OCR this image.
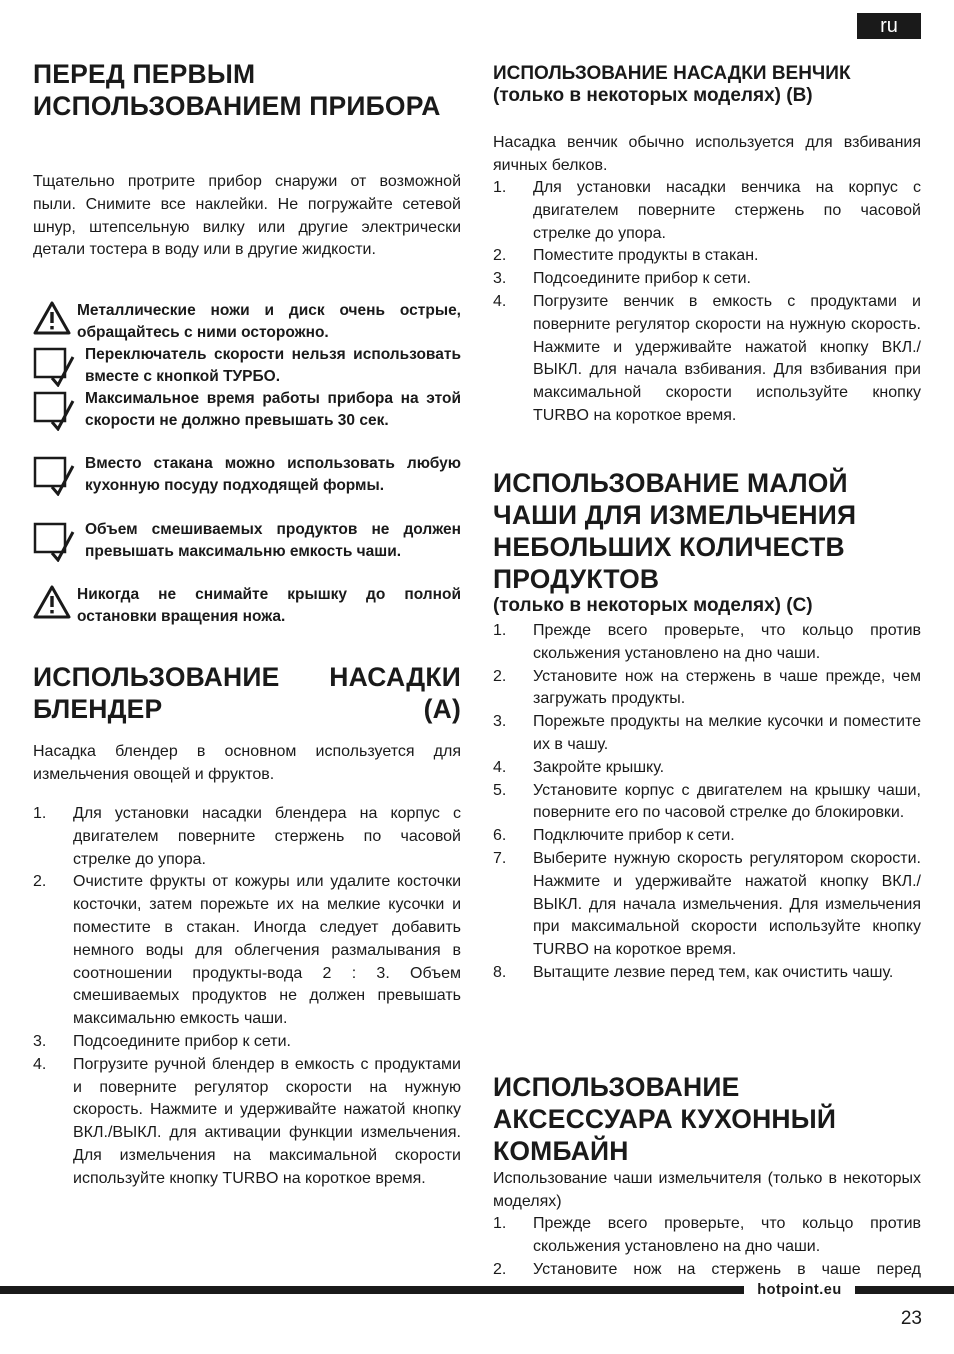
ru
ПЕРЕД ПЕРВЫМ ИСПОЛЬЗОВАНИЕМ ПРИБОРА

Тщательно протрите прибор снаружи от возможной пыли. Снимите все наклейки. Не погружайте сетевой шнур, штепсельную вилку или другие электрически детали тостера в воду или в другие жидкости.

Металлические ножи и диск очень острые, обращайтесь с ними осторожно.
Переключатель скорости нельзя использовать вместе с кнопкой ТУРБО.
Максимальное время работы прибора на этой скорости не должно превышать 30 сек.
Вместо стакана можно использовать любую кухонную посуду подходящей формы.
Объем смешиваемых продуктов не должен превышать максимальню емкость чаши.
Никогда не снимайте крышку до полной остановки вращения ножа.
ИСПОЛЬЗОВАНИЕ НАСАДКИ БЛЕНДЕР (A)

Насадка блендер в основном используется для измельчения овощей и фруктов.

1. Для установки насадки блендера на корпус с двигателем поверните стержень по часовой стрелке до упора.
2. Очистите фрукты от кожуры или удалите косточки косточки, затем порежьте их на мелкие кусочки и поместите в стакан. Иногда следует добавить немного воды для облегчения размалывания в соотношении продукты-вода 2 : 3. Объем смешиваемых продуктов не должен превышать максимальню емкость чаши.
3. Подсоедините прибор к сети.
4. Погрузите ручной блендер в емкость с продуктами и поверните регулятор скорости на нужную скорость. Нажмите и удерживайте нажатой кнопку ВКЛ./ВЫКЛ. для активации функции измельчения. Для измельчения на максимальной скорости используйте кнопку TURBO на короткое время.
ИСПОЛЬЗОВАНИЕ НАСАДКИ ВЕНЧИК (только в некоторых моделях) (B)

Насадка венчик обычно используется для взбивания яичных белков.

1. Для установки насадки венчика на корпус с двигателем поверните стержень по часовой стрелке до упора.
2. Поместите продукты в стакан.
3. Подсоедините прибор к сети.
4. Погрузите венчик в емкость с продуктами и поверните регулятор скорости на нужную скорость. Нажмите и удерживайте нажатой кнопку ВКЛ./ВЫКЛ. для начала взбивания. Для взбивания при максимальной скорости используйте кнопку TURBO на короткое время.
ИСПОЛЬЗОВАНИЕ МАЛОЙ ЧАШИ ДЛЯ ИЗМЕЛЬЧЕНИЯ НЕБОЛЬШИХ КОЛИЧЕСТВ ПРОДУКТОВ
(только в некоторых моделях) (C)
1. Прежде всего проверьте, что кольцо против скольжения установлено на дно чаши.
2. Установите нож на стержень в чаше прежде, чем загружать продукты.
3. Порежьте продукты на мелкие кусочки и поместите их в чашу.
4. Закройте крышку.
5. Установите корпус с двигателем на крышку чаши, поверните его по часовой стрелке до блокировки.
6. Подключите прибор к сети.
7. Выберите нужную скорость регулятором скорости. Нажмите и удерживайте нажатой кнопку ВКЛ./ВЫКЛ. для начала измельчения. Для измельчения при максимальной скорости используйте кнопку TURBO на короткое время.
8. Вытащите лезвие перед тем, как очистить чашу.
ИСПОЛЬЗОВАНИЕ АКСЕССУАРА КУХОННЫЙ КОМБАЙН

Использование чаши измельчителя (только в некоторых моделях)

1. Прежде всего проверьте, что кольцо против скольжения установлено на дно чаши.
2. Установите нож на стержень в чаше перед
hotpoint.eu
23
